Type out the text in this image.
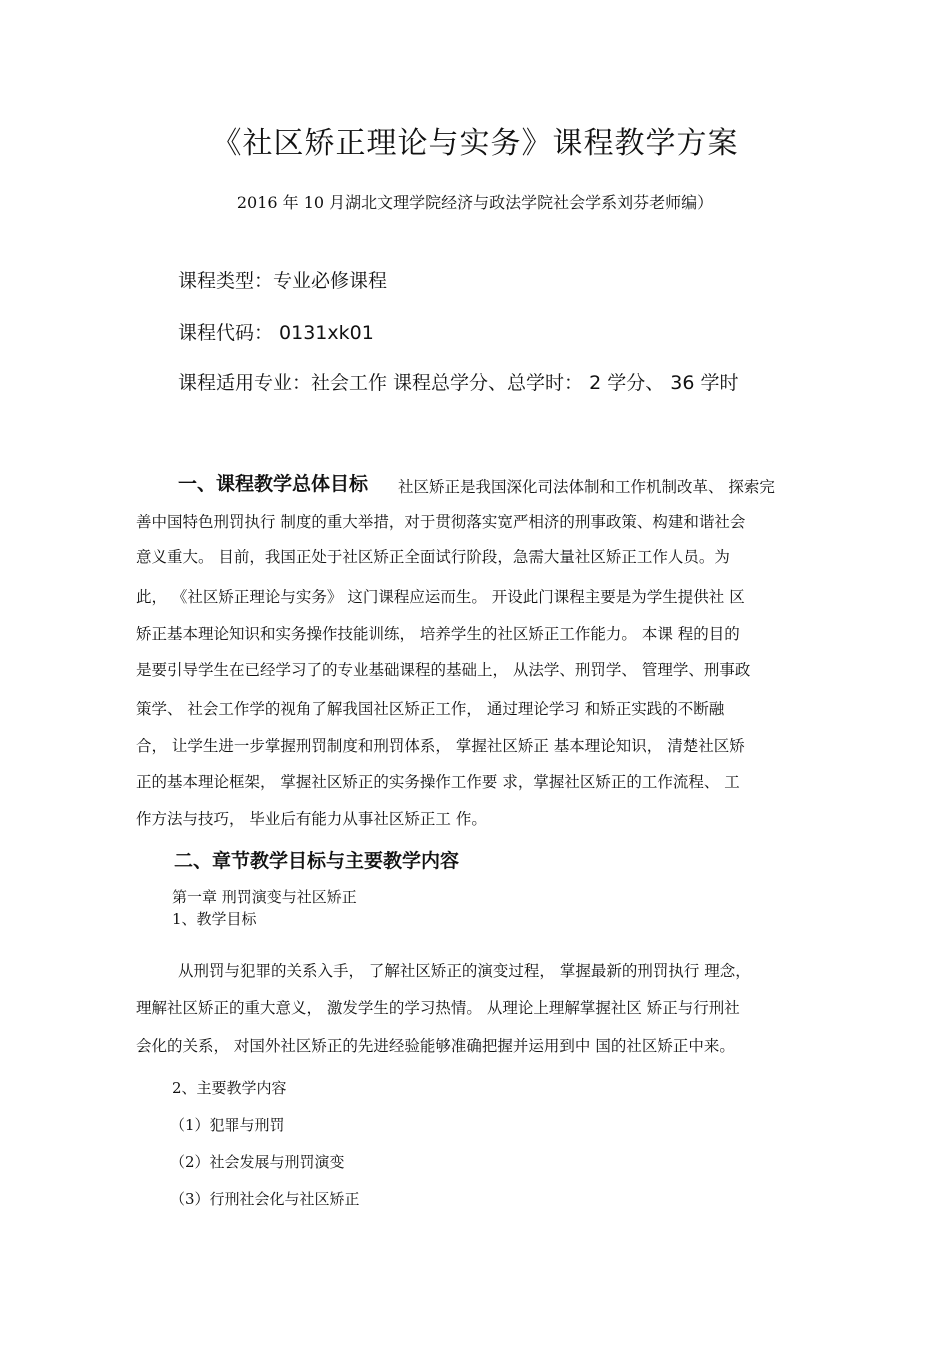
《社区矫正理论与实务》课程教学方案
2016 年 10 月湖北文理学院经济与政法学院社会学系刘芬老师编）
课程类型：专业必修课程
课程代码： 0131xk01
课程适用专业：社会工作 课程总学分、总学时： 2 学分、 36 学时
一、课程教学总体目标 社区矫正是我国深化司法体制和工作机制改革、 探索完
善中国特色刑罚执行 制度的重大举措，对于贯彻落实宽严相济的刑事政策、构建和谐社会
意义重大。 目前，我国正处于社区矫正全面试行阶段，急需大量社区矫正工作人员。为
此， 《社区矫正理论与实务》 这门课程应运而生。 开设此门课程主要是为学生提供社 区
矫正基本理论知识和实务操作技能训练， 培养学生的社区矫正工作能力。 本课 程的目的
是要引导学生在已经学习了的专业基础课程的基础上， 从法学、刑罚学、 管理学、刑事政
策学、 社会工作学的视角了解我国社区矫正工作， 通过理论学习 和矫正实践的不断融
合， 让学生进一步掌握刑罚制度和刑罚体系， 掌握社区矫正 基本理论知识， 清楚社区矫
正的基本理论框架， 掌握社区矫正的实务操作工作要 求，掌握社区矫正的工作流程、 工
作方法与技巧， 毕业后有能力从事社区矫正工 作。
二、章节教学目标与主要教学内容
第一章 刑罚演变与社区矫正
1、教学目标
从刑罚与犯罪的关系入手， 了解社区矫正的演变过程， 掌握最新的刑罚执行 理念，
理解社区矫正的重大意义， 激发学生的学习热情。 从理论上理解掌握社区 矫正与行刑社
会化的关系， 对国外社区矫正的先进经验能够准确把握并运用到中 国的社区矫正中来。
2、主要教学内容
（1）犯罪与刑罚
（2）社会发展与刑罚演变
（3）行刑社会化与社区矫正
